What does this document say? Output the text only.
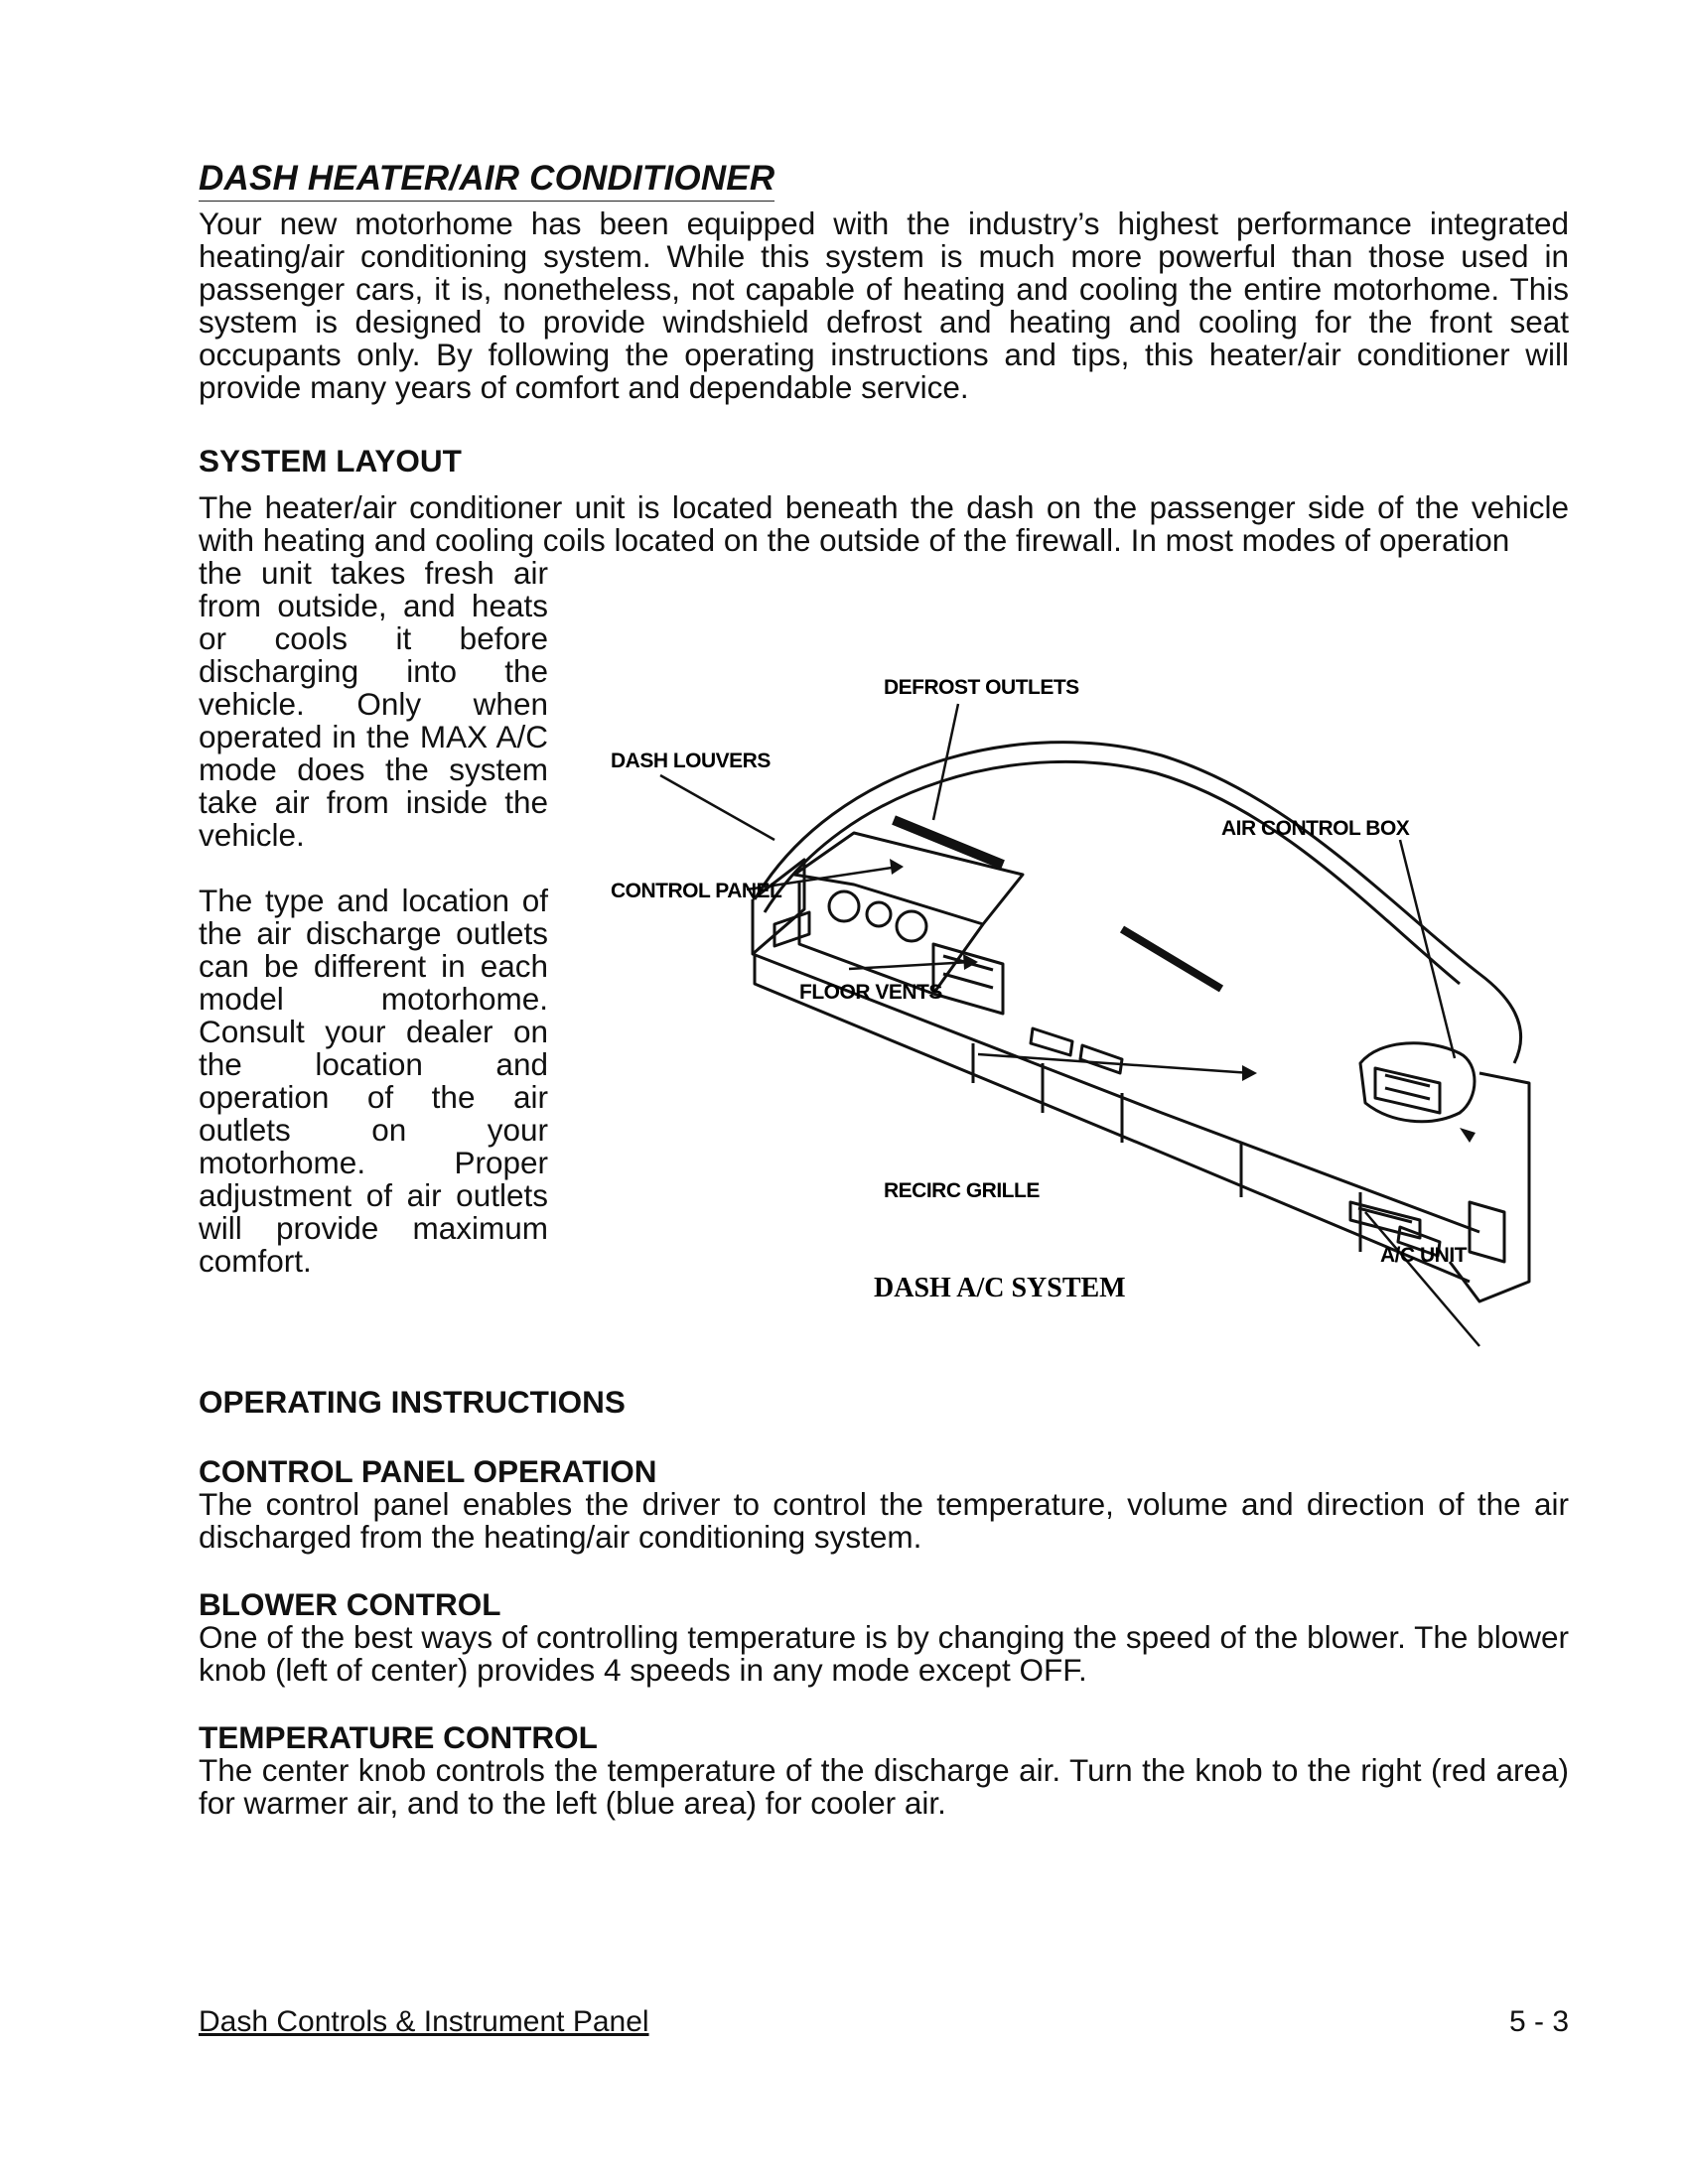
DASH HEATER/AIR CONDITIONER

Your new motorhome has been equipped with the industry’s highest performance integrated heating/air conditioning system. While this system is much more powerful than those used in passenger cars, it is, nonetheless, not capable of heating and cooling the entire motorhome. This system is designed to provide windshield defrost and heating and cooling for the front seat occupants only. By following the operating instructions and tips, this heater/air conditioner will provide many years of comfort and dependable service.

SYSTEM LAYOUT

The heater/air conditioner unit is located beneath the dash on the passenger side of the vehicle with heating and cooling coils located on the outside of the firewall. In most modes of operation

the unit takes fresh air from outside, and heats or cools it before discharging into the vehicle. Only when operated in the MAX A/C mode does the system take air from inside the vehicle.

The type and location of the air discharge outlets can be different in each model motorhome. Consult your dealer on the location and operation of the air outlets on your motorhome. Proper adjustment of air outlets will provide maximum comfort.

DEFROST OUTLETS
DASH LOUVERS
AIR CONTROL BOX
CONTROL PANEL
FLOOR VENTS
RECIRC GRILLE
A/C UNIT
DASH A/C SYSTEM
OPERATING INSTRUCTIONS
CONTROL PANEL OPERATION

The control panel enables the driver to control the temperature, volume and direction of the air discharged from the heating/air conditioning system.

BLOWER CONTROL

One of the best ways of controlling temperature is by changing the speed of the blower. The blower knob (left of center) provides 4 speeds in any mode except OFF.

TEMPERATURE CONTROL

The center knob controls the temperature of the discharge air. Turn the knob to the right (red area) for warmer air, and to the left (blue area) for cooler air.

Dash Controls & Instrument Panel	5 - 3
